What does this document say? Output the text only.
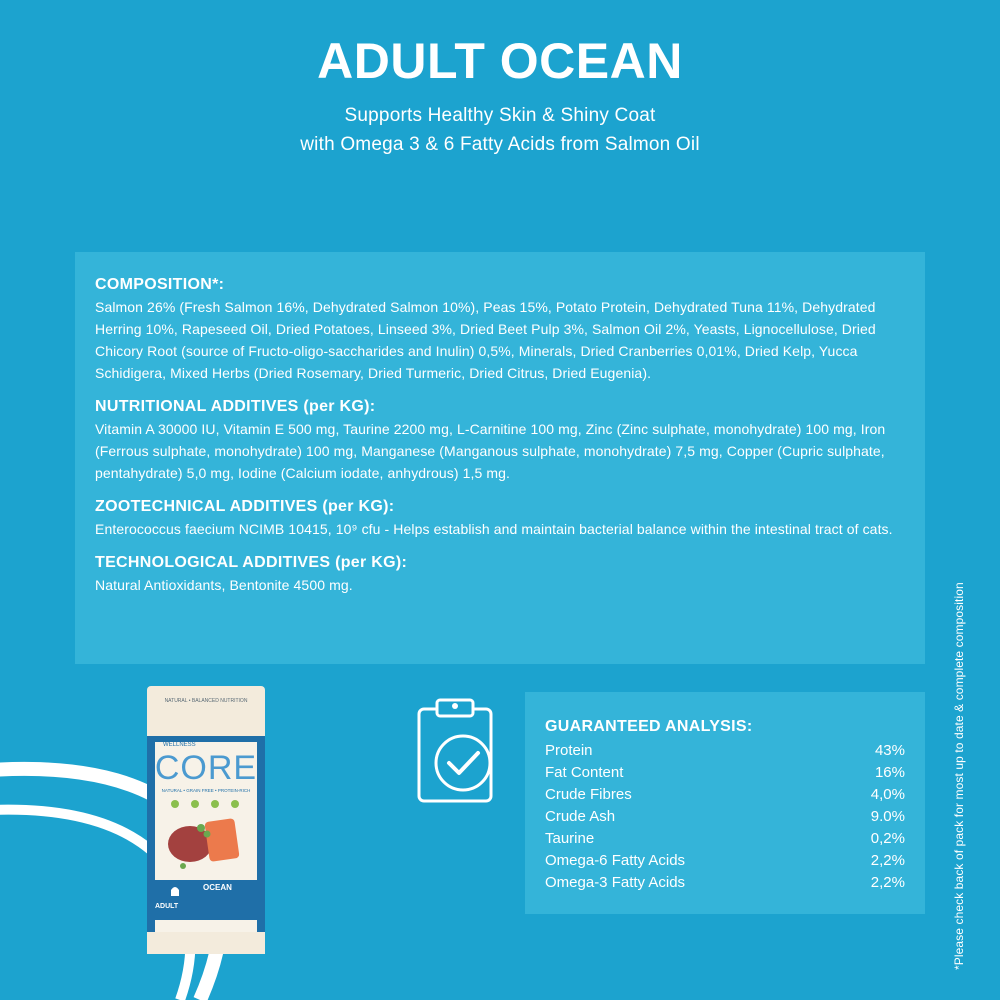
ADULT OCEAN
Supports Healthy Skin & Shiny Coat
with Omega 3 & 6 Fatty Acids from Salmon Oil
COMPOSITION*:
Salmon 26% (Fresh Salmon 16%, Dehydrated Salmon 10%), Peas 15%, Potato Protein, Dehydrated Tuna 11%, Dehydrated Herring 10%, Rapeseed Oil, Dried Potatoes, Linseed 3%, Dried Beet Pulp 3%, Salmon Oil 2%, Yeasts, Lignocellulose, Dried Chicory Root (source of Fructo-oligo-saccharides and Inulin) 0,5%, Minerals, Dried Cranberries 0,01%, Dried Kelp, Yucca Schidigera, Mixed Herbs (Dried Rosemary, Dried Turmeric, Dried Citrus, Dried Eugenia).
NUTRITIONAL ADDITIVES (per KG):
Vitamin A 30000 IU, Vitamin E 500 mg, Taurine 2200 mg, L-Carnitine 100 mg, Zinc (Zinc sulphate, monohydrate) 100 mg, Iron (Ferrous sulphate, monohydrate) 100 mg, Manganese (Manganous sulphate, monohydrate) 7,5 mg, Copper (Cupric sulphate, pentahydrate) 5,0 mg, Iodine (Calcium iodate, anhydrous) 1,5 mg.
ZOOTECHNICAL ADDITIVES (per KG):
Enterococcus faecium NCIMB 10415, 10⁹ cfu - Helps establish and maintain bacterial balance within the intestinal tract of cats.
TECHNOLOGICAL ADDITIVES (per KG):
Natural Antioxidants, Bentonite 4500 mg.
NATURAL • BALANCED NUTRITION
WELLNESS
CORE
NATURAL • GRAIN FREE • PROTEIN-RICH
OCEAN
ADULT
GUARANTEED ANALYSIS:
Protein	43%
Fat Content	16%
Crude Fibres	4,0%
Crude Ash	9.0%
Taurine	0,2%
Omega-6 Fatty Acids	2,2%
Omega-3 Fatty Acids	2,2%	*Please check back of pack for most up to date & complete composition
